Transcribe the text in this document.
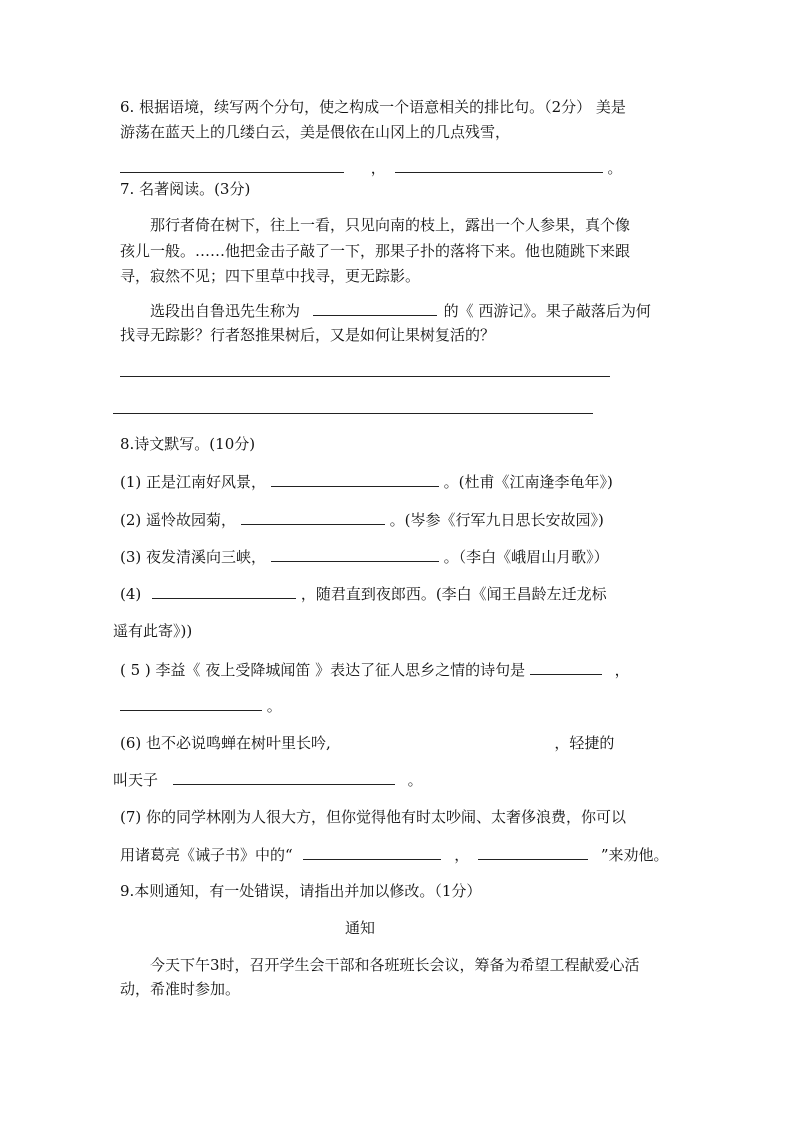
6. 根据语境，续写两个分句，使之构成一个语意相关的排比句。（2分） 美是
游荡在蓝天上的几缕白云，美是偎依在山冈上的几点残雪，
，	。
7. 名著阅读。(3分)
那行者倚在树下，往上一看，只见向南的枝上，露出一个人参果，真个像
孩儿一般。……他把金击子敲了一下，那果子扑的落将下来。他也随跳下来跟
寻，寂然不见；四下里草中找寻，更无踪影。
选段出自鲁迅先生称为	的《 西游记》。果子敲落后为何
找寻无踪影？行者怒推果树后，又是如何让果树复活的？
8.诗文默写。(10分)
(1) 正是江南好风景，	。(杜甫《江南逢李龟年》)
(2) 遥怜故园菊，	。(岑参《行军九日思长安故园》)
(3) 夜发清溪向三峡，	。（李白《峨眉山月歌》）
(4)	，随君直到夜郎西。(李白《闻王昌龄左迁龙标
遥有此寄》))
( 5 ) 李益《 夜上受降城闻笛 》表达了征人思乡之情的诗句是	，
。
(6) 也不必说鸣蝉在树叶里长吟,	，轻捷的
叫天子	。
(7) 你的同学林刚为人很大方，但你觉得他有时太吵闹、太奢侈浪费，你可以
用诸葛亮《诫子书》中的“	，	”来劝他。
9.本则通知，有一处错误，请指出并加以修改。（1分）
通知
今天下午3时，召开学生会干部和各班班长会议，筹备为希望工程献爱心活
动，希准时参加。
